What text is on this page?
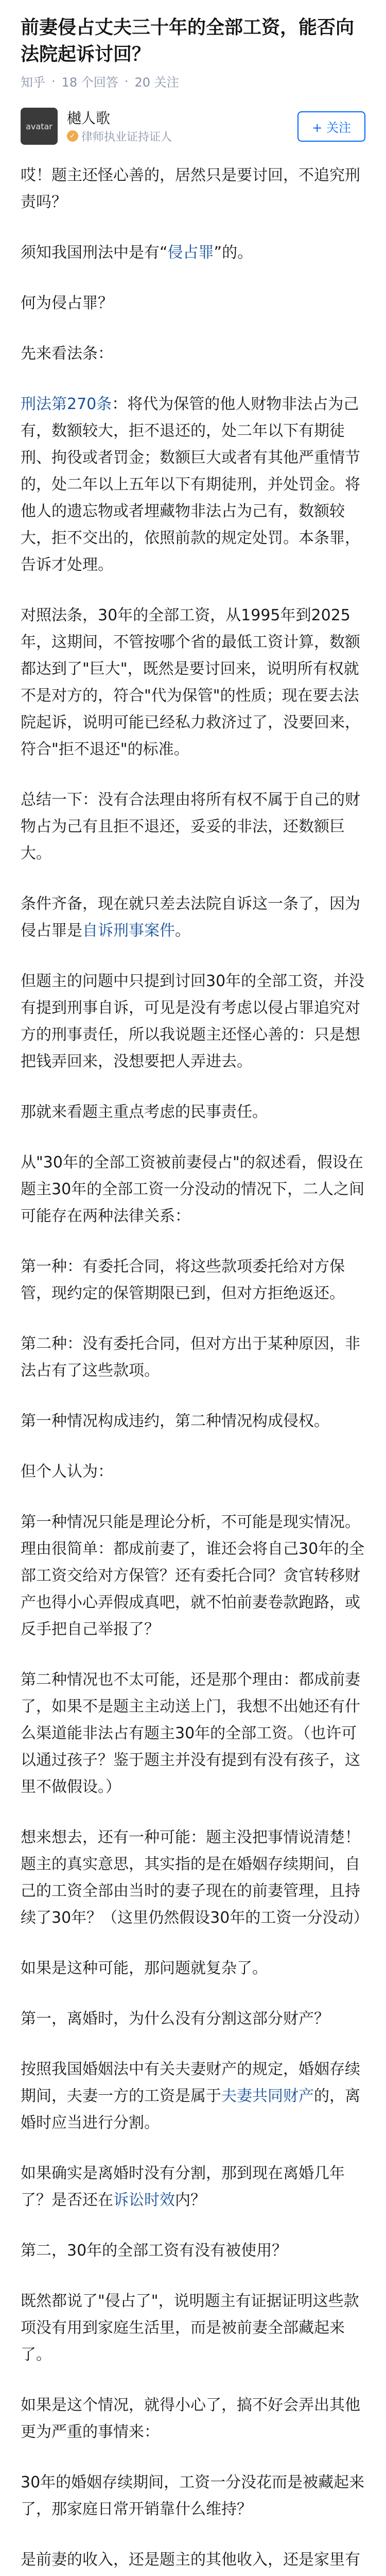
前妻侵占丈夫三十年的全部工资，能否向法院起诉讨回？
知乎 · 18 个回答 · 20 关注
avatar 樾人歌
✓ 律师执业证持证人
+ 关注

哎！题主还怪心善的，居然只是要讨回，不追究刑责吗？

须知我国刑法中是有“侵占罪”的。

何为侵占罪？

先来看法条：

刑法第270条：将代为保管的他人财物非法占为己有，数额较大，拒不退还的，处二年以下有期徒刑、拘役或者罚金；数额巨大或者有其他严重情节的，处二年以上五年以下有期徒刑，并处罚金。将他人的遗忘物或者埋藏物非法占为己有，数额较大，拒不交出的，依照前款的规定处罚。本条罪，告诉才处理。

对照法条，30年的全部工资，从1995年到2025年，这期间，不管按哪个省的最低工资计算，数额都达到了"巨大"，既然是要讨回来，说明所有权就不是对方的，符合"代为保管"的性质；现在要去法院起诉，说明可能已经私力救济过了，没要回来，符合"拒不退还"的标准。

总结一下：没有合法理由将所有权不属于自己的财物占为己有且拒不退还，妥妥的非法，还数额巨大。

条件齐备，现在就只差去法院自诉这一条了，因为侵占罪是自诉刑事案件。

但题主的问题中只提到讨回30年的全部工资，并没有提到刑事自诉，可见是没有考虑以侵占罪追究对方的刑事责任，所以我说题主还怪心善的：只是想把钱弄回来，没想要把人弄进去。

那就来看题主重点考虑的民事责任。

从"30年的全部工资被前妻侵占"的叙述看，假设在题主30年的全部工资一分没动的情况下，二人之间可能存在两种法律关系：

第一种：有委托合同，将这些款项委托给对方保管，现约定的保管期限已到，但对方拒绝返还。

第二种：没有委托合同，但对方出于某种原因，非法占有了这些款项。

第一种情况构成违约，第二种情况构成侵权。

但个人认为：

第一种情况只能是理论分析，不可能是现实情况。理由很简单：都成前妻了，谁还会将自己30年的全部工资交给对方保管？还有委托合同？贪官转移财产也得小心弄假成真吧，就不怕前妻卷款跑路，或反手把自己举报了？

第二种情况也不太可能，还是那个理由：都成前妻了，如果不是题主主动送上门，我想不出她还有什么渠道能非法占有题主30年的全部工资。（也许可以通过孩子？鉴于题主并没有提到有没有孩子，这里不做假设。）

想来想去，还有一种可能：题主没把事情说清楚！题主的真实意思，其实指的是在婚姻存续期间，自己的工资全部由当时的妻子现在的前妻管理，且持续了30年？（这里仍然假设30年的工资一分没动）

如果是这种可能，那问题就复杂了。

第一，离婚时，为什么没有分割这部分财产？

按照我国婚姻法中有关夫妻财产的规定，婚姻存续期间，夫妻一方的工资是属于夫妻共同财产的，离婚时应当进行分割。

如果确实是离婚时没有分割，那到现在离婚几年了？是否还在诉讼时效内？

第二，30年的全部工资有没有被使用？

既然都说了"侵占了"，说明题主有证据证明这些款项没有用到家庭生活里，而是被前妻全部藏起来了。

如果是这个情况，就得小心了，搞不好会弄出其他更为严重的事情来：

30年的婚姻存续期间，工资一分没花而是被藏起来了，那家庭日常开销靠什么维持？

是前妻的收入，还是题主的其他收入，还是家里有
